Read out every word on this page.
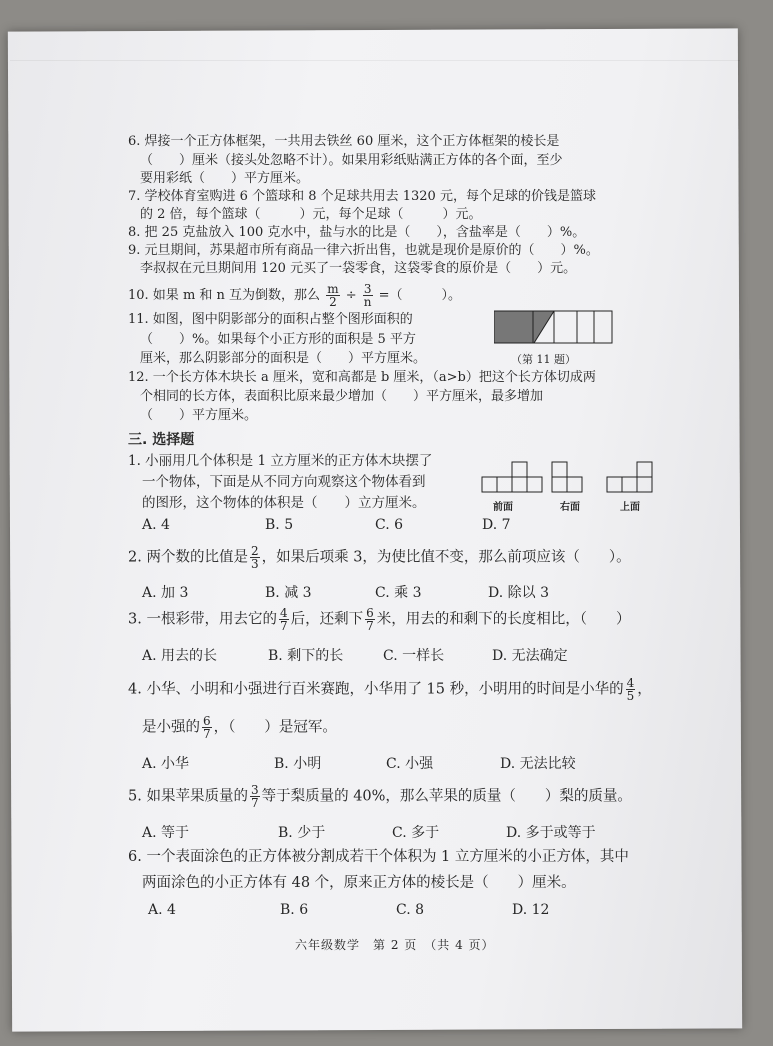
6. 焊接一个正方体框架，一共用去铁丝 60 厘米，这个正方体框架的棱长是
（　　）厘米（接头处忽略不计）。如果用彩纸贴满正方体的各个面，至少
要用彩纸（　　）平方厘米。
7. 学校体育室购进 6 个篮球和 8 个足球共用去 1320 元，每个足球的价钱是篮球
的 2 倍，每个篮球（　　　）元，每个足球（　　　）元。
8. 把 25 克盐放入 100 克水中，盐与水的比是（　　），含盐率是（　　）%。
9. 元旦期间，苏果超市所有商品一律六折出售，也就是现价是原价的（　　）%。
李叔叔在元旦期间用 120 元买了一袋零食，这袋零食的原价是（　　）元。
10. 如果 m 和 n 互为倒数，那么 $\frac{m}{2} \div \frac{3}{n}$ =（　　　）。
11. 如图，图中阴影部分的面积占整个图形面积的
（　　）%。如果每个小正方形的面积是 5 平方
厘米，那么阴影部分的面积是（　　）平方厘米。	（第 11 题）
12. 一个长方体木块长 a 厘米，宽和高都是 b 厘米，（a>b）把这个长方体切成两
个相同的长方体，表面积比原来最少增加（　　）平方厘米，最多增加
（　　）平方厘米。
三. 选择题
1. 小丽用几个体积是 1 立方厘米的正方体木块摆了
一个物体，下面是从不同方向观察这个物体看到
的图形，这个物体的体积是（　　）立方厘米。	前面	右面	上面
A. 4	B. 5	C. 6	D. 7
2. 两个数的比值是 $\frac{2}{3}$ ，如果后项乘 3，为使比值不变，那么前项应该（　　）。
A. 加 3	B. 减 3	C. 乘 3	D. 除以 3
3. 一根彩带，用去它的 $\frac{4}{7}$ 后，还剩下 $\frac{6}{7}$ 米，用去的和剩下的长度相比，（　　）
A. 用去的长	B. 剩下的长	C. 一样长	D. 无法确定
4. 小华、小明和小强进行百米赛跑，小华用了 15 秒，小明用的时间是小华的 $\frac{4}{5}$ ，
是小强的 $\frac{6}{7}$ ，（　　）是冠军。
A. 小华	B. 小明	C. 小强	D. 无法比较
5. 如果苹果质量的 $\frac{3}{7}$ 等于梨质量的 40%，那么苹果的质量（　　）梨的质量。
A. 等于	B. 少于	C. 多于	D. 多于或等于
6. 一个表面涂色的正方体被分割成若干个体积为 1 立方厘米的小正方体，其中
两面涂色的小正方体有 48 个，原来正方体的棱长是（　　）厘米。
A. 4	B. 6	C. 8	D. 12
六年级数学　第 2 页　（共 4 页）
